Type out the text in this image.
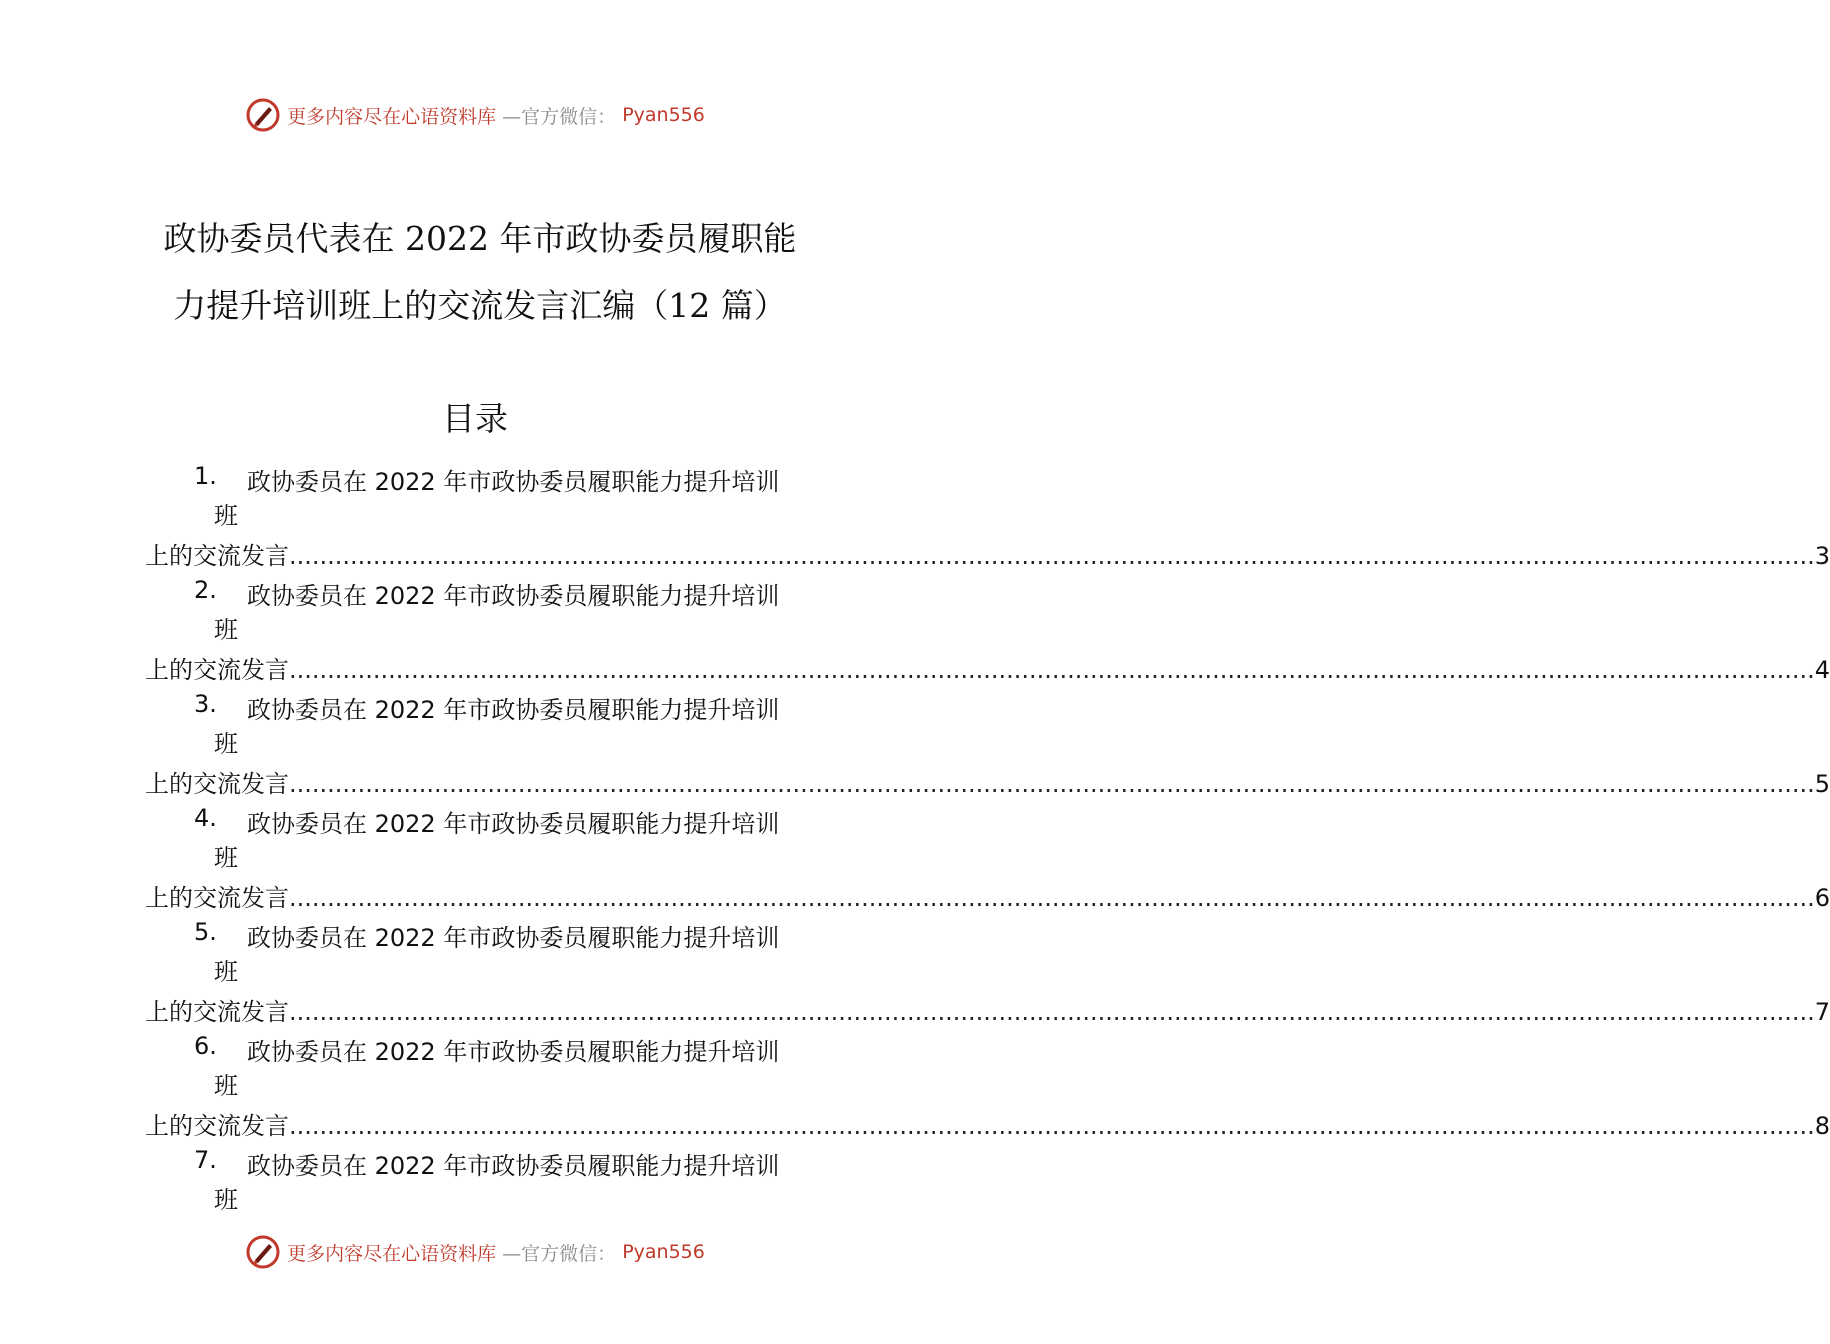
更多内容尽在心语资料库 —官方微信： Pyan556
政协委员代表在 2022 年市政协委员履职能
力提升培训班上的交流发言汇编（12 篇）
目录
1. 政协委员在 2022 年市政协委员履职能力提升培训
班
上的交流发言 ........................................................................................................................................................................................................ 3
2. 政协委员在 2022 年市政协委员履职能力提升培训
班
上的交流发言 ........................................................................................................................................................................................................ 4
3. 政协委员在 2022 年市政协委员履职能力提升培训
班
上的交流发言 ........................................................................................................................................................................................................ 5
4. 政协委员在 2022 年市政协委员履职能力提升培训
班
上的交流发言 ........................................................................................................................................................................................................ 6
5. 政协委员在 2022 年市政协委员履职能力提升培训
班
上的交流发言 ........................................................................................................................................................................................................ 7
6. 政协委员在 2022 年市政协委员履职能力提升培训
班
上的交流发言 ........................................................................................................................................................................................................ 8
7. 政协委员在 2022 年市政协委员履职能力提升培训
班
更多内容尽在心语资料库 —官方微信： Pyan556
